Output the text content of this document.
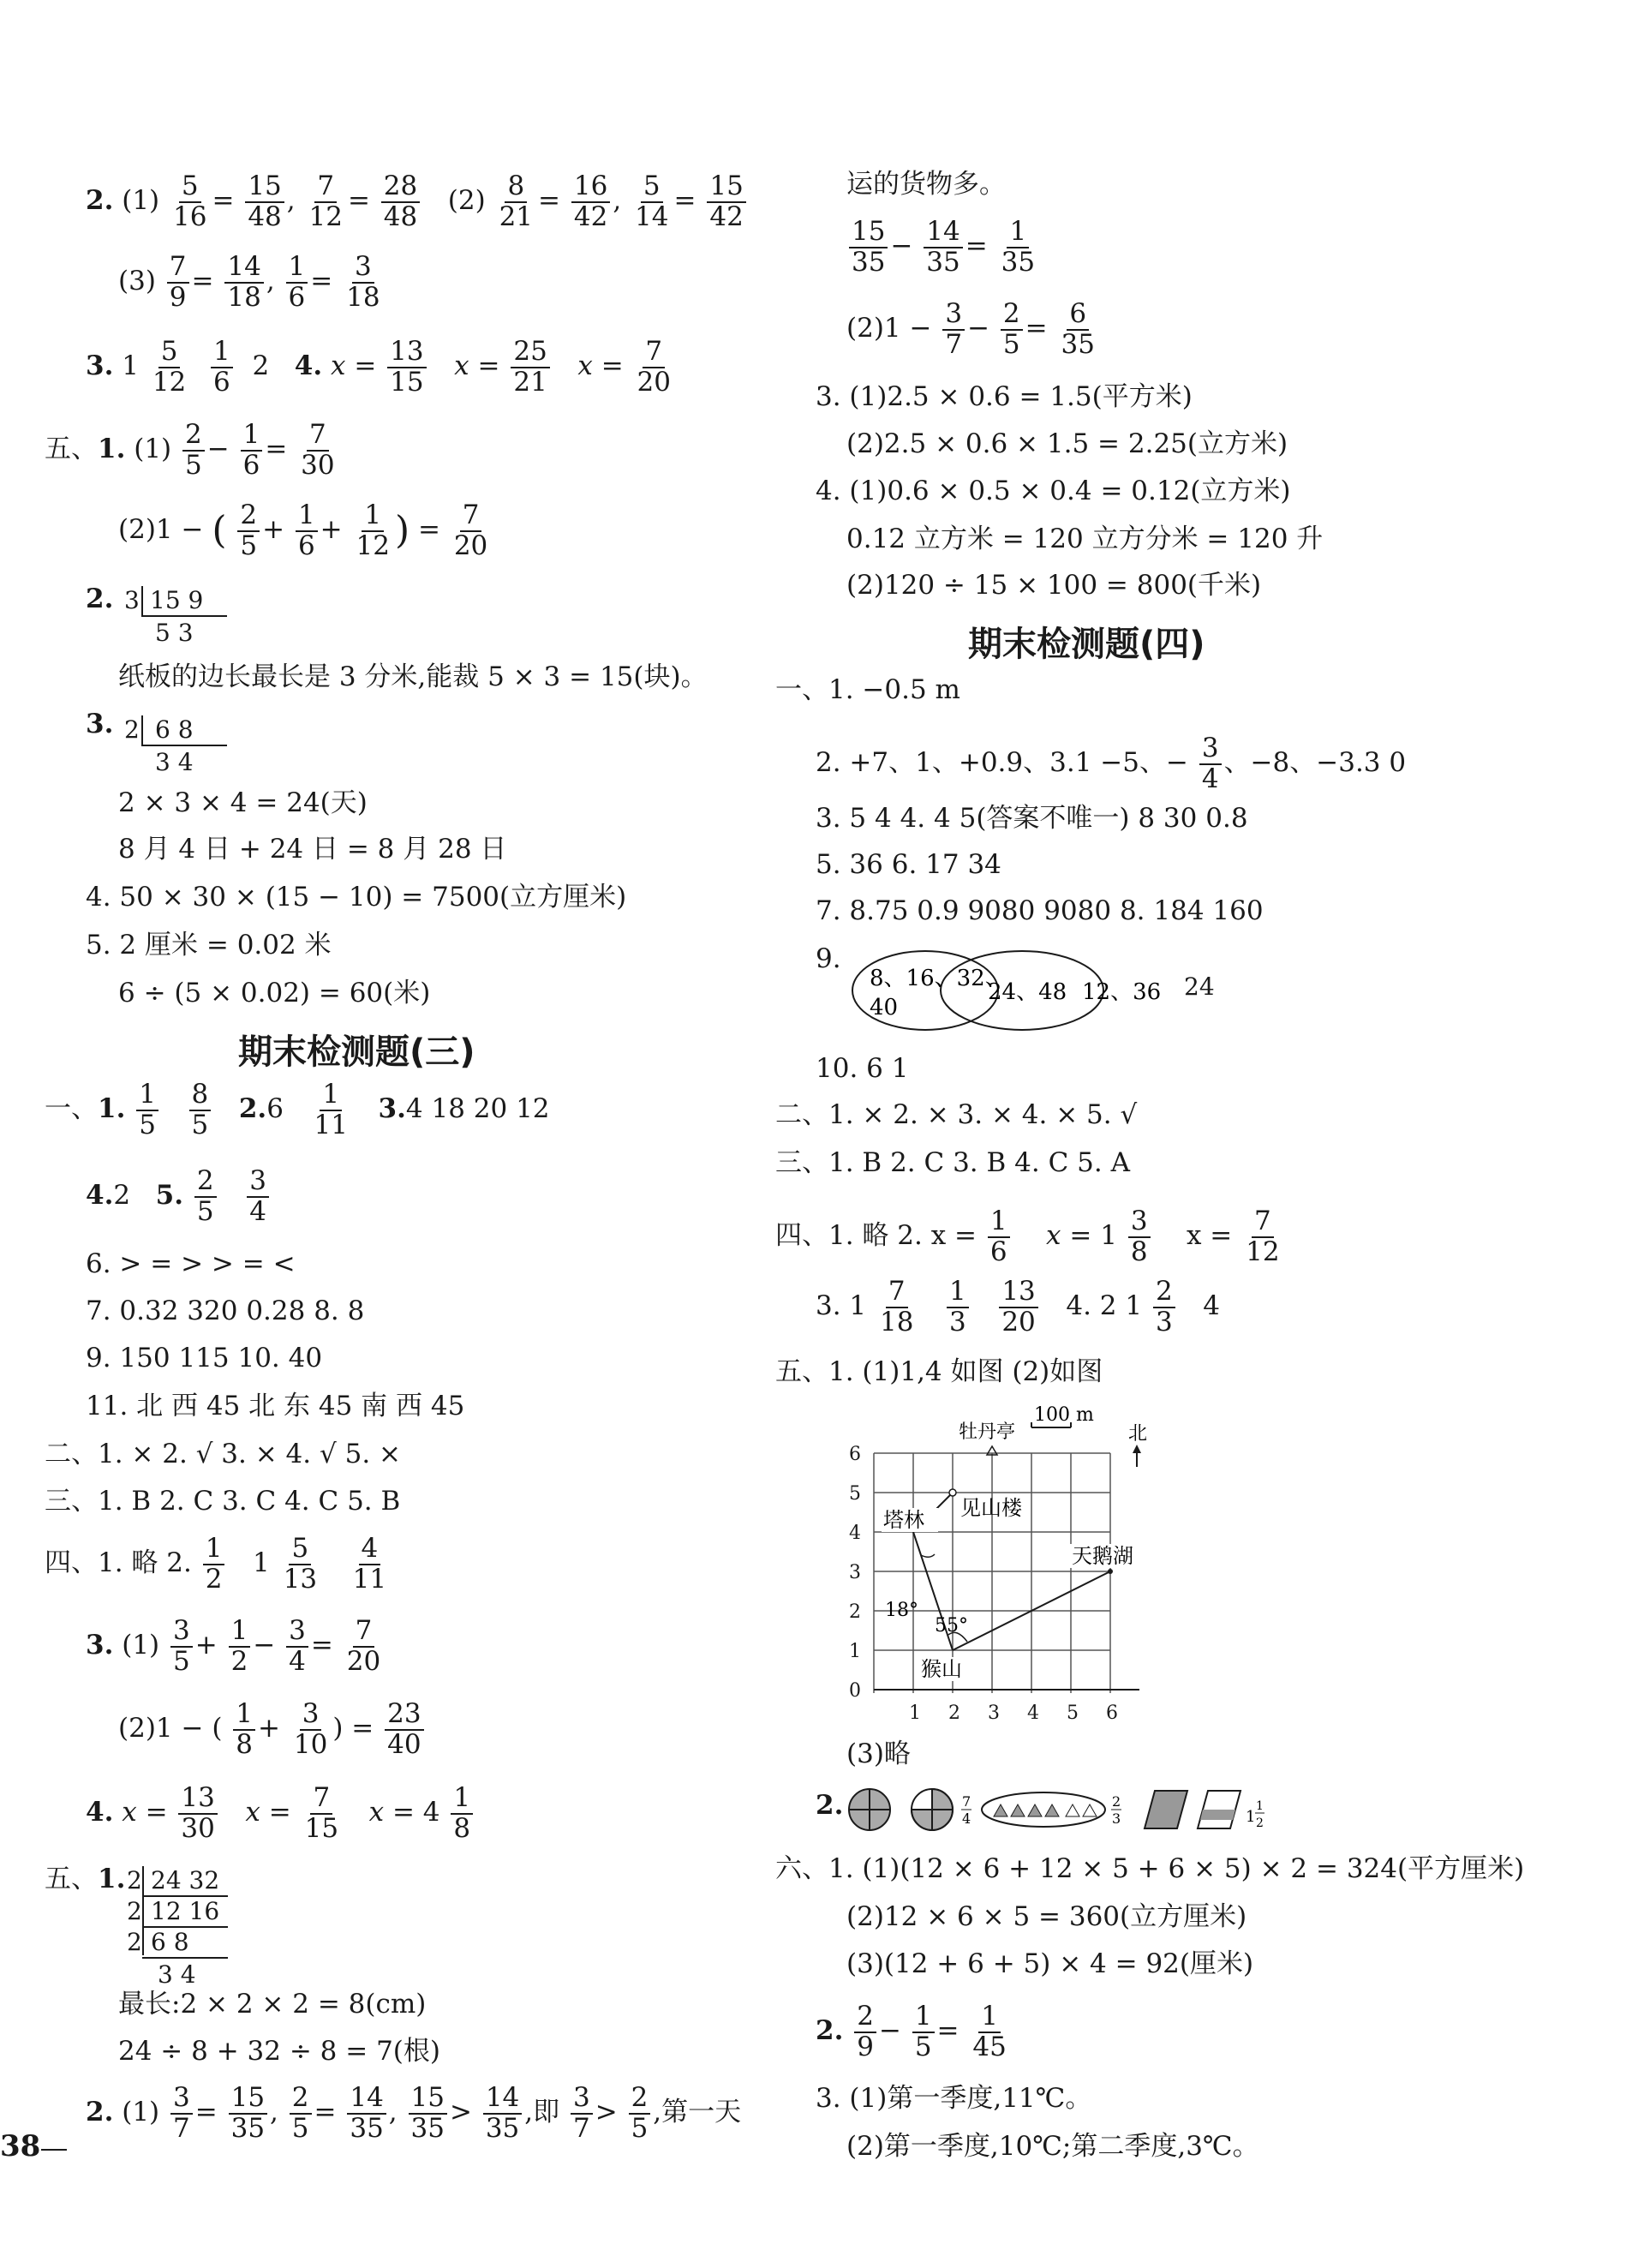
2. $(1) \frac{5}{16} = \frac{15}{48}$ , $\frac{7}{12} = \frac{28}{48} (2) \frac{8}{21} = \frac{16}{42}$ , $\frac{5}{14} = \frac{15}{42}$
$(3) \frac{7}{9} = \frac{14}{18}$ , $\frac{1}{6} = \frac{3}{18}$
3. $1 \frac{5}{12}$
$\frac{1}{6} 2$ 4. $x = \frac{13}{15}$ $x = \frac{25}{21}$ $x = \frac{7}{20}$
五、1. $(1) \frac{2}{5} - \frac{1}{6} = \frac{7}{30}$
(2)1 − ( $\frac{2}{5} + \frac{1}{6} + \frac{1}{12}$ ) = $\frac{7}{20}$
2. 3 15 9
5 3
纸板的边长最长是 3 分米,能裁 5 × 3 = 15(块)。
3. 2 6 8
3 4
2 × 3 × 4 = 24(天)
8 月 4 日 + 24 日 = 8 月 28 日
4. 50 × 30 × (15 − 10) = 7500(立方厘米)
5. 2 厘米 = 0.02 米
6 ÷ (5 × 0.02) = 60(米)
期末检测题(三)
一、1. $\frac{1}{5}$
$\frac{8}{5} 2.6 \frac{1}{11} 3.4$ 18 20 12
4.2 5. $\frac{2}{5}$
$\frac{3}{4}$
6. > = > > = <
7. 0.32 320 0.28 8. 8
9. 150 115 10. 40
11. 北 西 45 北 东 45 南 西 45
二、1. × 2. √ 3. × 4. √ 5. ×
三、1. B 2. C 3. C 4. C 5. B
四、1. 略 2. $\frac{1}{2} 1 \frac{5}{13}$
$\frac{4}{11}$
3. $(1) \frac{3}{5} + \frac{1}{2} - \frac{3}{4} = \frac{7}{20}$
(2)1 − ( $\frac{1}{8} + \frac{3}{10}$ ) = $\frac{23}{40}$
4. $x = \frac{13}{30}$ $x = \frac{7}{15}$ $x = 4 \frac{1}{8}$
五、1. 2
2
2
24 32
12 16
6 8
3 4
最长:2 × 2 × 2 = 8(cm)
24 ÷ 8 + 32 ÷ 8 = 7(根)
2. $(1) \frac{3}{7} = \frac{15}{35}$ , $\frac{2}{5} = \frac{14}{35}$ , $\frac{15}{35} > \frac{14}{35}$ ,即 $\frac{3}{7} > \frac{2}{5}$ ,第一天
38
运的货物多。
$\frac{15}{35} - \frac{14}{35} = \frac{1}{35}$
$(2)1 - \frac{3}{7} - \frac{2}{5} = \frac{6}{35}$
3. (1)2.5 × 0.6 = 1.5(平方米)
(2)2.5 × 0.6 × 1.5 = 2.25(立方米)
4. (1)0.6 × 0.5 × 0.4 = 0.12(立方米)
0.12 立方米 = 120 立方分米 = 120 升
(2)120 ÷ 15 × 100 = 800(千米)
期末检测题(四)
一、1. −0.5 m
2. +7、1、+0.9、3.1 −5、− $\frac{3}{4}$ 、−8、−3.3 0
3. 5 4 4. 4 5(答案不唯一) 8 30 0.8
5. 36 6. 17 34
7. 8.75 0.9 9080 9080 8. 184 160
9.
8、16、32、
40
24、48 12、36 24
10. 6 1
二、1. × 2. × 3. × 4. × 5. √
三、1. B 2. C 3. B 4. C 5. A
四、1. 略 2. $x = \frac{1}{6}$ $x = 1 \frac{3}{8}$ $x = \frac{7}{12}$
3. $1 \frac{7}{18}$
$\frac{1}{3}$
$\frac{13}{20} 4$. 2 $1 \frac{2}{3} 4$
五、1. (1)1,4 如图 (2)如图
0
1
2
3
4
5
6
1 2 3 4 5 6
100 m
北
牡丹亭
塔林 见山楼
天鹅湖
猴山
18°
55°
(3)略
2.	7
4
2
3	1
1
2
六、1. (1)(12 × 6 + 12 × 5 + 6 × 5) × 2 = 324(平方厘米)
(2)12 × 6 × 5 = 360(立方厘米)
(3)(12 + 6 + 5) × 4 = 92(厘米)
2. $\frac{2}{9} - \frac{1}{5} = \frac{1}{45}$
3. (1)第一季度,11℃。
(2)第一季度,10℃;第二季度,3℃。
